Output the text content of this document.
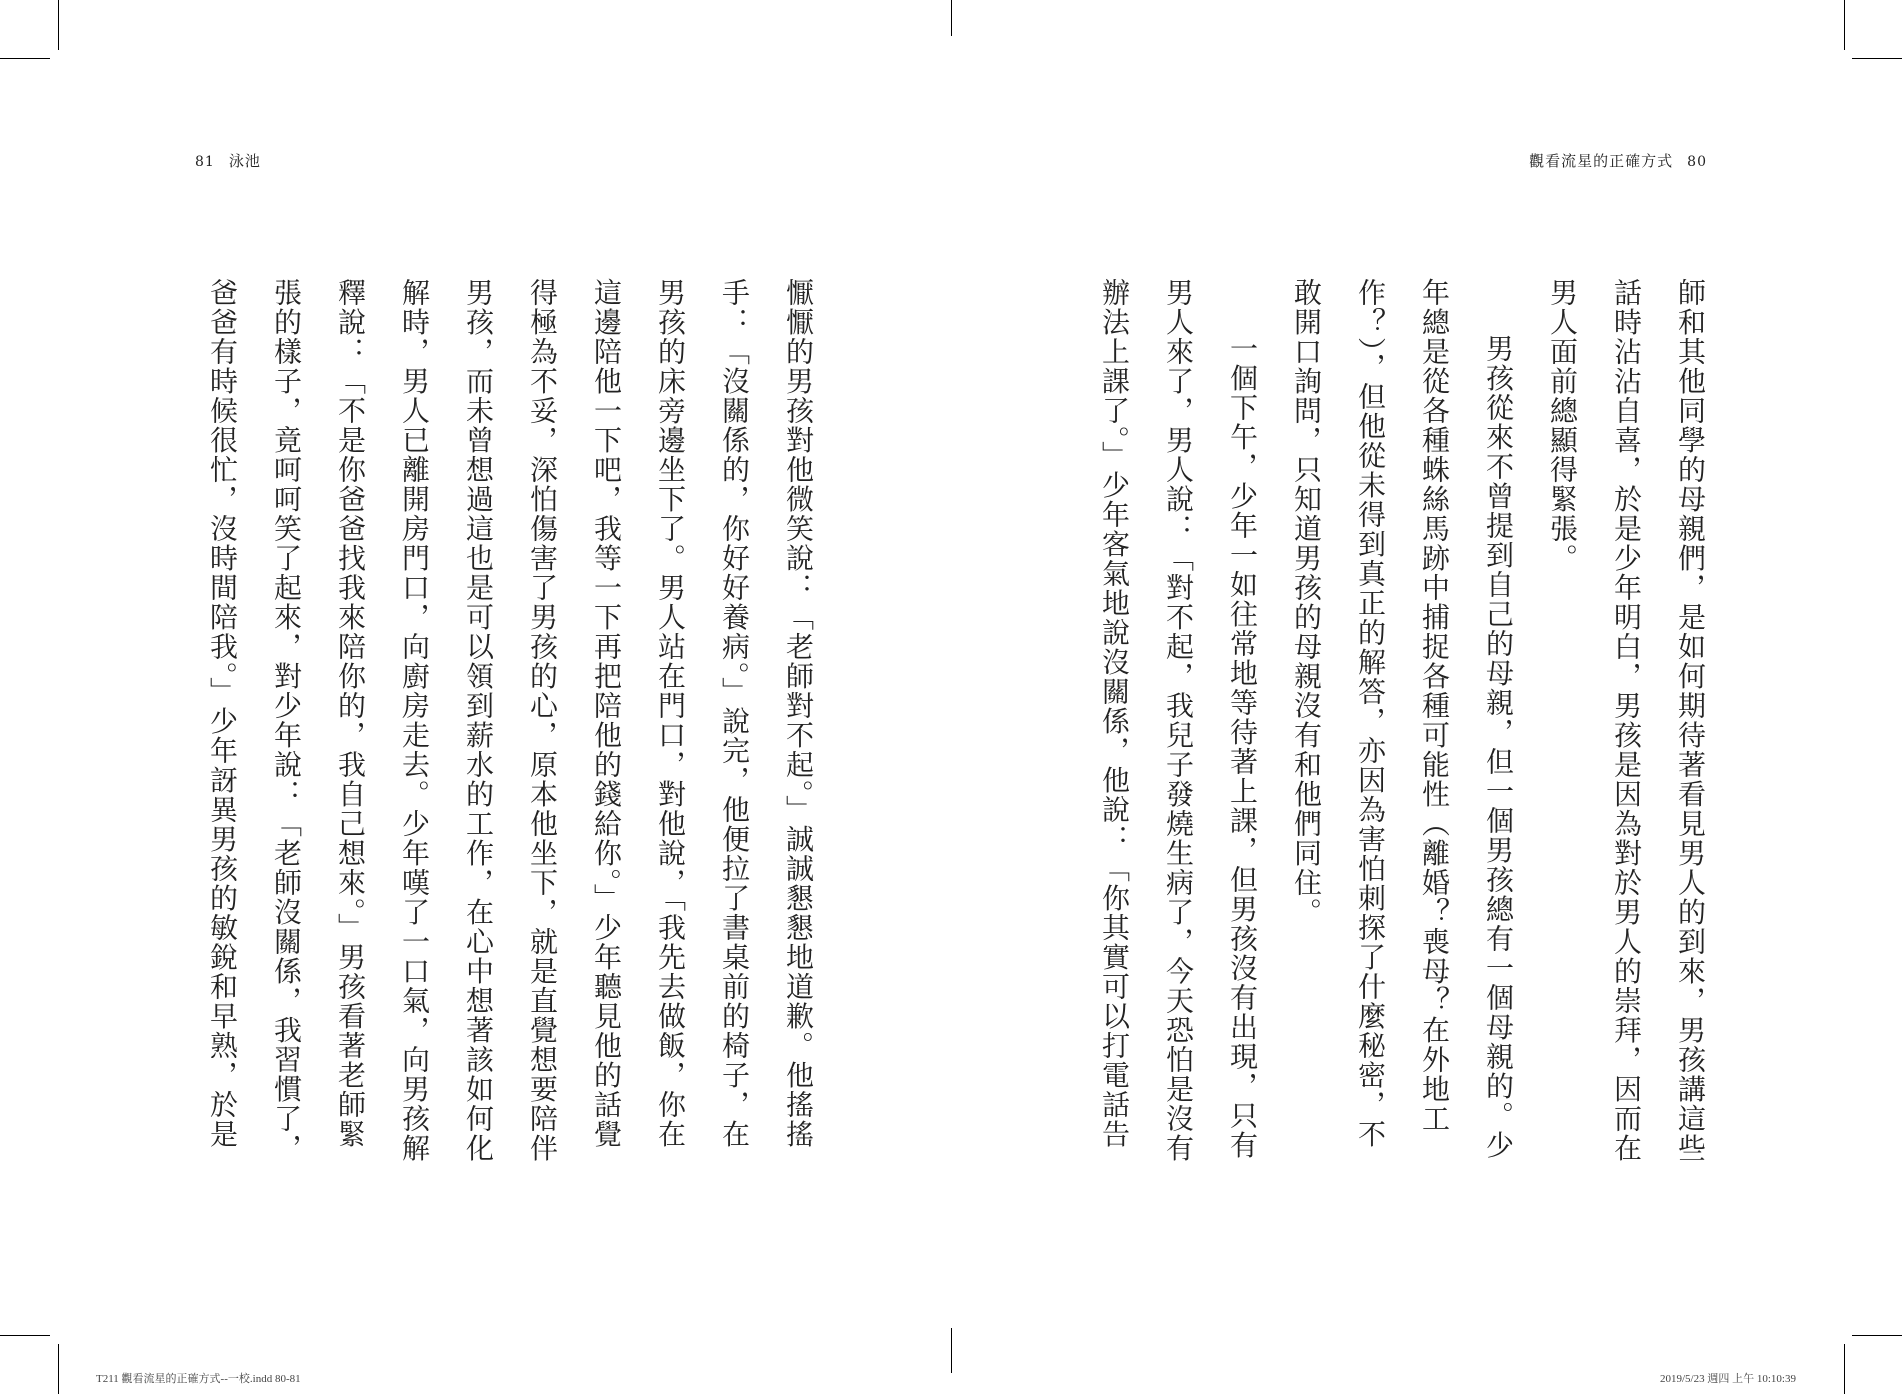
81 泳池	觀看流星的正確方式 80

懨懨的男孩對他微笑說：「老師對不起。」誠誠懇懇地道歉。他搖搖手：「沒關係的，你好好養病。」說完，他便拉了書桌前的椅子，在男孩的床旁邊坐下了。男人站在門口，對他說，「我先去做飯，你在這邊陪他一下吧，我等一下再把陪他的錢給你。」少年聽見他的話覺得極為不妥，深怕傷害了男孩的心，原本他坐下，就是直覺想要陪伴男孩，而未曾想過這也是可以領到薪水的工作，在心中想著該如何化解時，男人已離開房門口，向廚房走去。少年嘆了一口氣，向男孩解釋說：「不是你爸爸找我來陪你的，我自己想來。」男孩看著老師緊張的樣子，竟呵呵笑了起來，對少年說：「老師沒關係，我習慣了，爸爸有時候很忙，沒時間陪我。」少年訝異男孩的敏銳和早熟，於是	師和其他同學的母親們，是如何期待著看見男人的到來，男孩講這些話時沾沾自喜，於是少年明白，男孩是因為對於男人的崇拜，因而在男人面前總顯得緊張。

男孩從來不曾提到自己的母親，但一個男孩總有一個母親的。少年總是從各種蛛絲馬跡中捕捉各種可能性（離婚？喪母？在外地工作？），但他從未得到真正的解答，亦因為害怕刺探了什麼秘密，不敢開口詢問，只知道男孩的母親沒有和他們同住。

一個下午，少年一如往常地等待著上課，但男孩沒有出現，只有男人來了，男人說：「對不起，我兒子發燒生病了，今天恐怕是沒有辦法上課了。」少年客氣地說沒關係，他說：「你其實可以打電話告

T211 觀看流星的正確方式--一校.indd 80-81	2019/5/23 週四 上午 10:10:39
